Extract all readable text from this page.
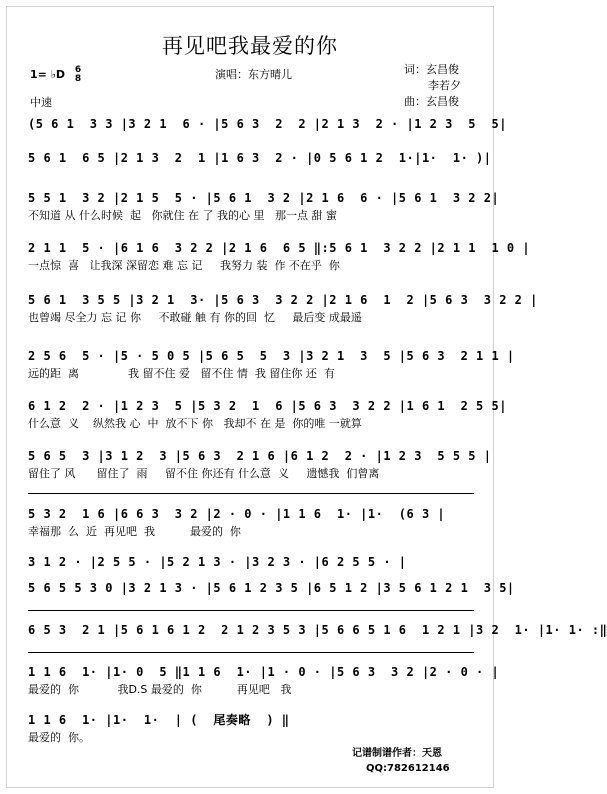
再见吧我最爱的你
1= ♭D 6
8	演唱：东方晴儿	词：玄昌俊
李若夕
曲：玄昌俊
中速
(5 6 1  3 3 |3 2 1  6 · |5 6 3  2  2 |2 1 3  2 · |1 2 3  5  5|
5 6 1  6 5 |2 1 3  2  1 |1 6 3  2 · |0 5 6 1 2  1·|1·  1· )|
5 5 1  3 2 |2 1 5  5 · |5 6 1  3 2 |2 1 6  6 · |5 6 1  3 2 2|
不知道 从 什么时候  起   你就住 在 了 我的心 里   那一点 甜 蜜
2 1 1  5 · |6 1 6  3 2 2 |2 1 6  6 5 ‖:5 6 1  3 2 2 |2 1 1  1 0 |
一点惊  喜   让我深 深留恋 难 忘 记     我努力 装  作 不在乎  你
5 6 1  3 5 5 |3 2 1  3· |5 6 3  3 2 2 |2 1 6  1  2 |5 6 3  3 2 2 |
也曾竭 尽全力 忘 记 你     不敢碰 触 有 你的回  忆     最后变 成最遥
2 5 6  5 · |5 · 5 0 5 |5 6 5  5  3 |3 2 1  3  5 |5 6 3  2 1 1 |
远的距  离              我 留不住 爱   留不住 情  我 留住你 还  有
6 1 2  2 · |1 2 3  5 |5 3 2  1  6 |5 6 3  3 2 2 |1 6 1  2 5 5|
什么意  义    纵然我 心  中  放不下 你   我却不 在 是  你的唯 一就算
5 6 5  3 |3 1 2  3 |5 6 3  2 1 6 |6 1 2  2 · |1 2 3  5 5 5 |
留住了 风      留住了  雨     留不住 你还有 什么意  义     遗憾我  们曾离
5 3 2  1 6 |6 6 3  3 2 |2 · 0 · |1 1 6  1· |1·  (6 3 |
幸福那  么  近  再见吧  我          最爱的  你
3 1 2 · |2 5 5 · |5 2 1 3 · |3 2 3 · |6 2 5 5 · |
5 6 5 5 3 0 |3 2 1 3 · |5 6 1 2 3 5 |6 5 1 2 |3 5 6 1 2 1  3 5|
6 5 3  2 1 |5 6 1 6 1 2  2 1 2 3 5 3 |5 6 6 5 1 6  1 2 1 |3 2  1· |1· 1· :‖
1 1 6  1· |1· 0  5 ‖1 1 6  1· |1 · 0 · |5 6 3  3 2 |2 · 0 · |
最爱的  你           我D.S 最爱的  你          再见吧   我
1 1 6  1· |1·  1·  | (  尾奏略  ) ‖
最爱的  你。
记谱制谱作者：天恩
QQ:782612146
